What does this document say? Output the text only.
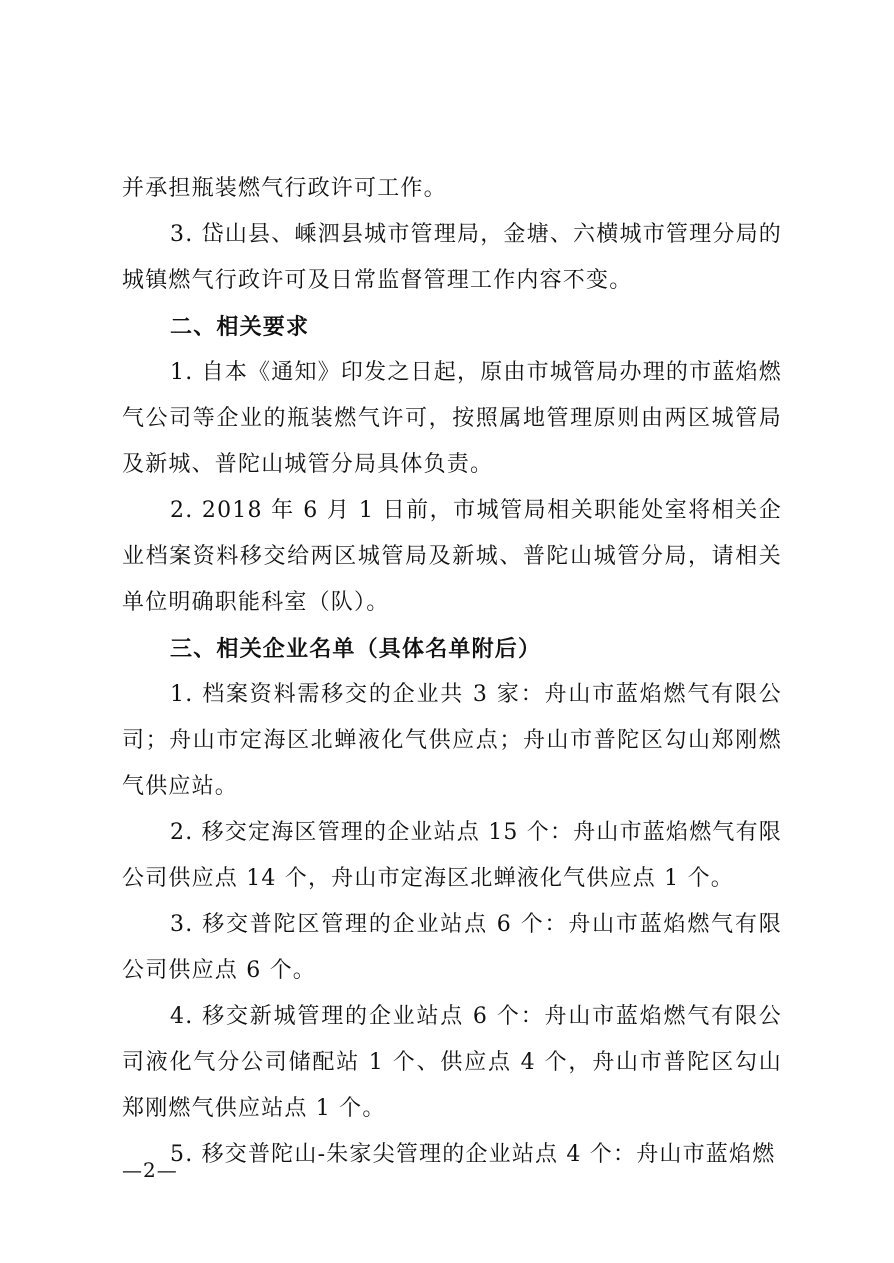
并承担瓶装燃气行政许可工作。

3. 岱山县、嵊泗县城市管理局，金塘、六横城市管理分局的城镇燃气行政许可及日常监督管理工作内容不变。

二、相关要求

1. 自本《通知》印发之日起，原由市城管局办理的市蓝焰燃气公司等企业的瓶装燃气许可，按照属地管理原则由两区城管局及新城、普陀山城管分局具体负责。

2. 2018 年 6 月 1 日前，市城管局相关职能处室将相关企业档案资料移交给两区城管局及新城、普陀山城管分局，请相关单位明确职能科室（队）。

三、相关企业名单（具体名单附后）

1. 档案资料需移交的企业共 3 家：舟山市蓝焰燃气有限公司；舟山市定海区北蝉液化气供应点；舟山市普陀区勾山郑刚燃气供应站。

2. 移交定海区管理的企业站点 15 个：舟山市蓝焰燃气有限公司供应点 14 个，舟山市定海区北蝉液化气供应点 1 个。

3. 移交普陀区管理的企业站点 6 个：舟山市蓝焰燃气有限公司供应点 6 个。

4. 移交新城管理的企业站点 6 个：舟山市蓝焰燃气有限公司液化气分公司储配站 1 个、供应点 4 个，舟山市普陀区勾山郑刚燃气供应站点 1 个。

5. 移交普陀山-朱家尖管理的企业站点 4 个：舟山市蓝焰燃

—2—
